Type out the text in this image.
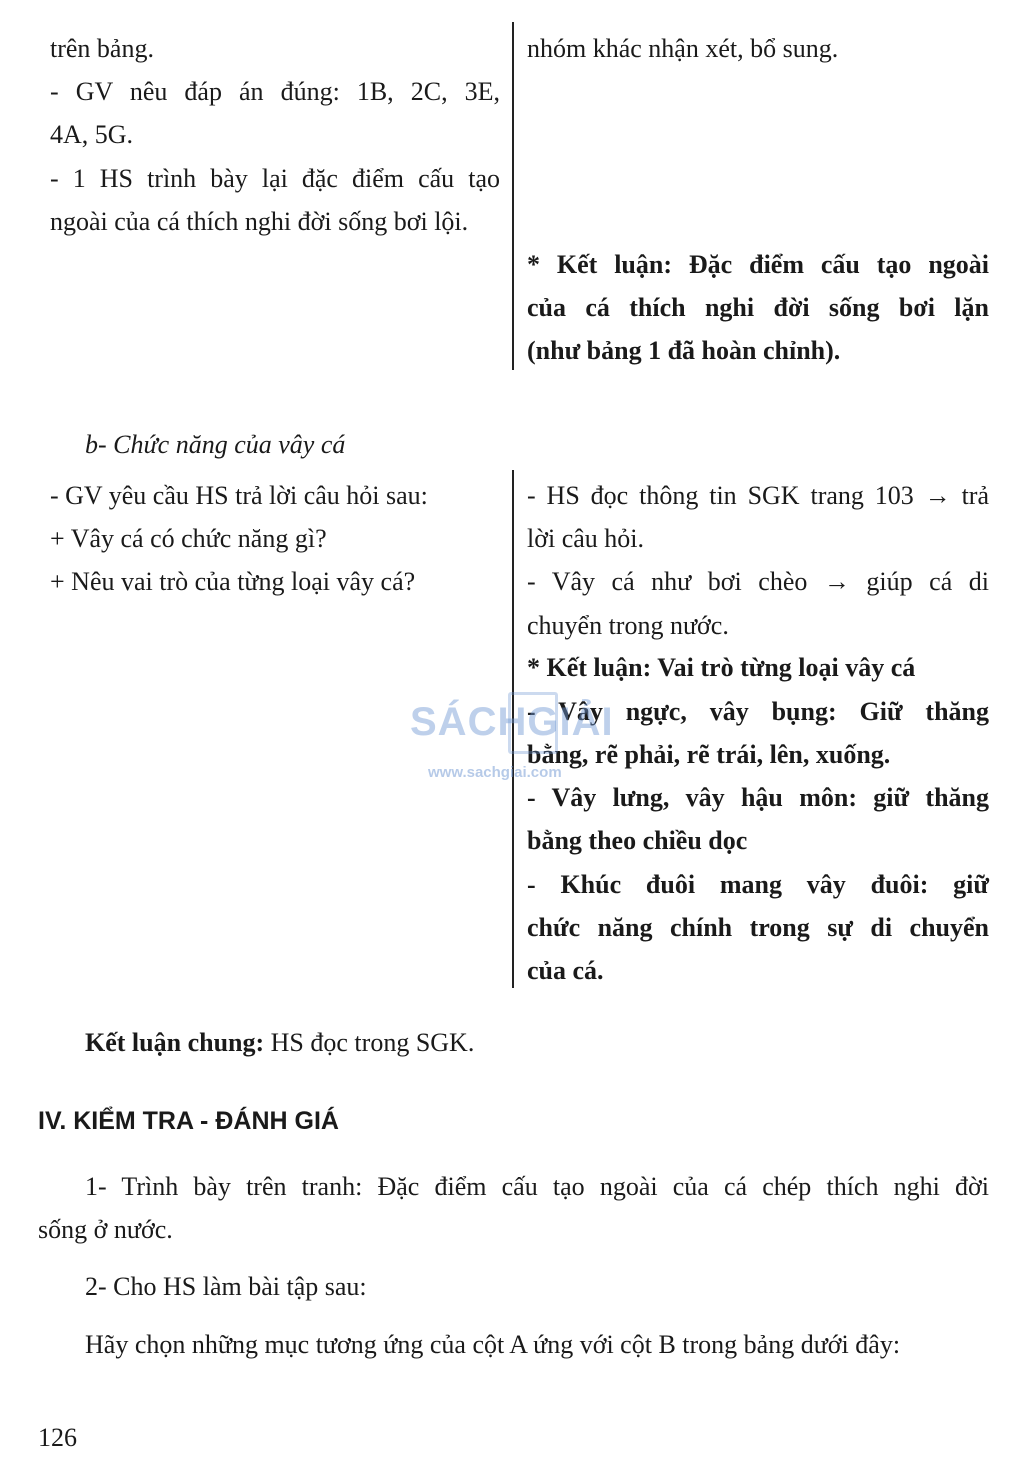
trên bảng.
- GV nêu đáp án đúng: 1B, 2C, 3E,
4A, 5G.
- 1 HS trình bày lại đặc điểm cấu tạo
ngoài của cá thích nghi đời sống bơi lội.
nhóm khác nhận xét, bổ sung.
* Kết luận: Đặc điểm cấu tạo ngoài
của cá thích nghi đời sống bơi lặn
(như bảng 1 đã hoàn chỉnh).
b- Chức năng của vây cá
- GV yêu cầu HS trả lời câu hỏi sau:
+ Vây cá có chức năng gì?
+ Nêu vai trò của từng loại vây cá?
- HS đọc thông tin SGK trang 103 → trả
lời câu hỏi.
- Vây cá như bơi chèo → giúp cá di
chuyển trong nước.
* Kết luận: Vai trò từng loại vây cá
- Vây ngực, vây bụng: Giữ thăng
bằng, rẽ phải, rẽ trái, lên, xuống.
- Vây lưng, vây hậu môn: giữ thăng
bằng theo chiều dọc
- Khúc đuôi mang vây đuôi: giữ
chức năng chính trong sự di chuyển
của cá.
SÁCHGIẢI
www.sachgiai.com
Kết luận chung: HS đọc trong SGK.
IV. KIỂM TRA - ĐÁNH GIÁ
1- Trình bày trên tranh: Đặc điểm cấu tạo ngoài của cá chép thích nghi đời
sống ở nước.
2- Cho HS làm bài tập sau:
Hãy chọn những mục tương ứng của cột A ứng với cột B trong bảng dưới đây:
126
